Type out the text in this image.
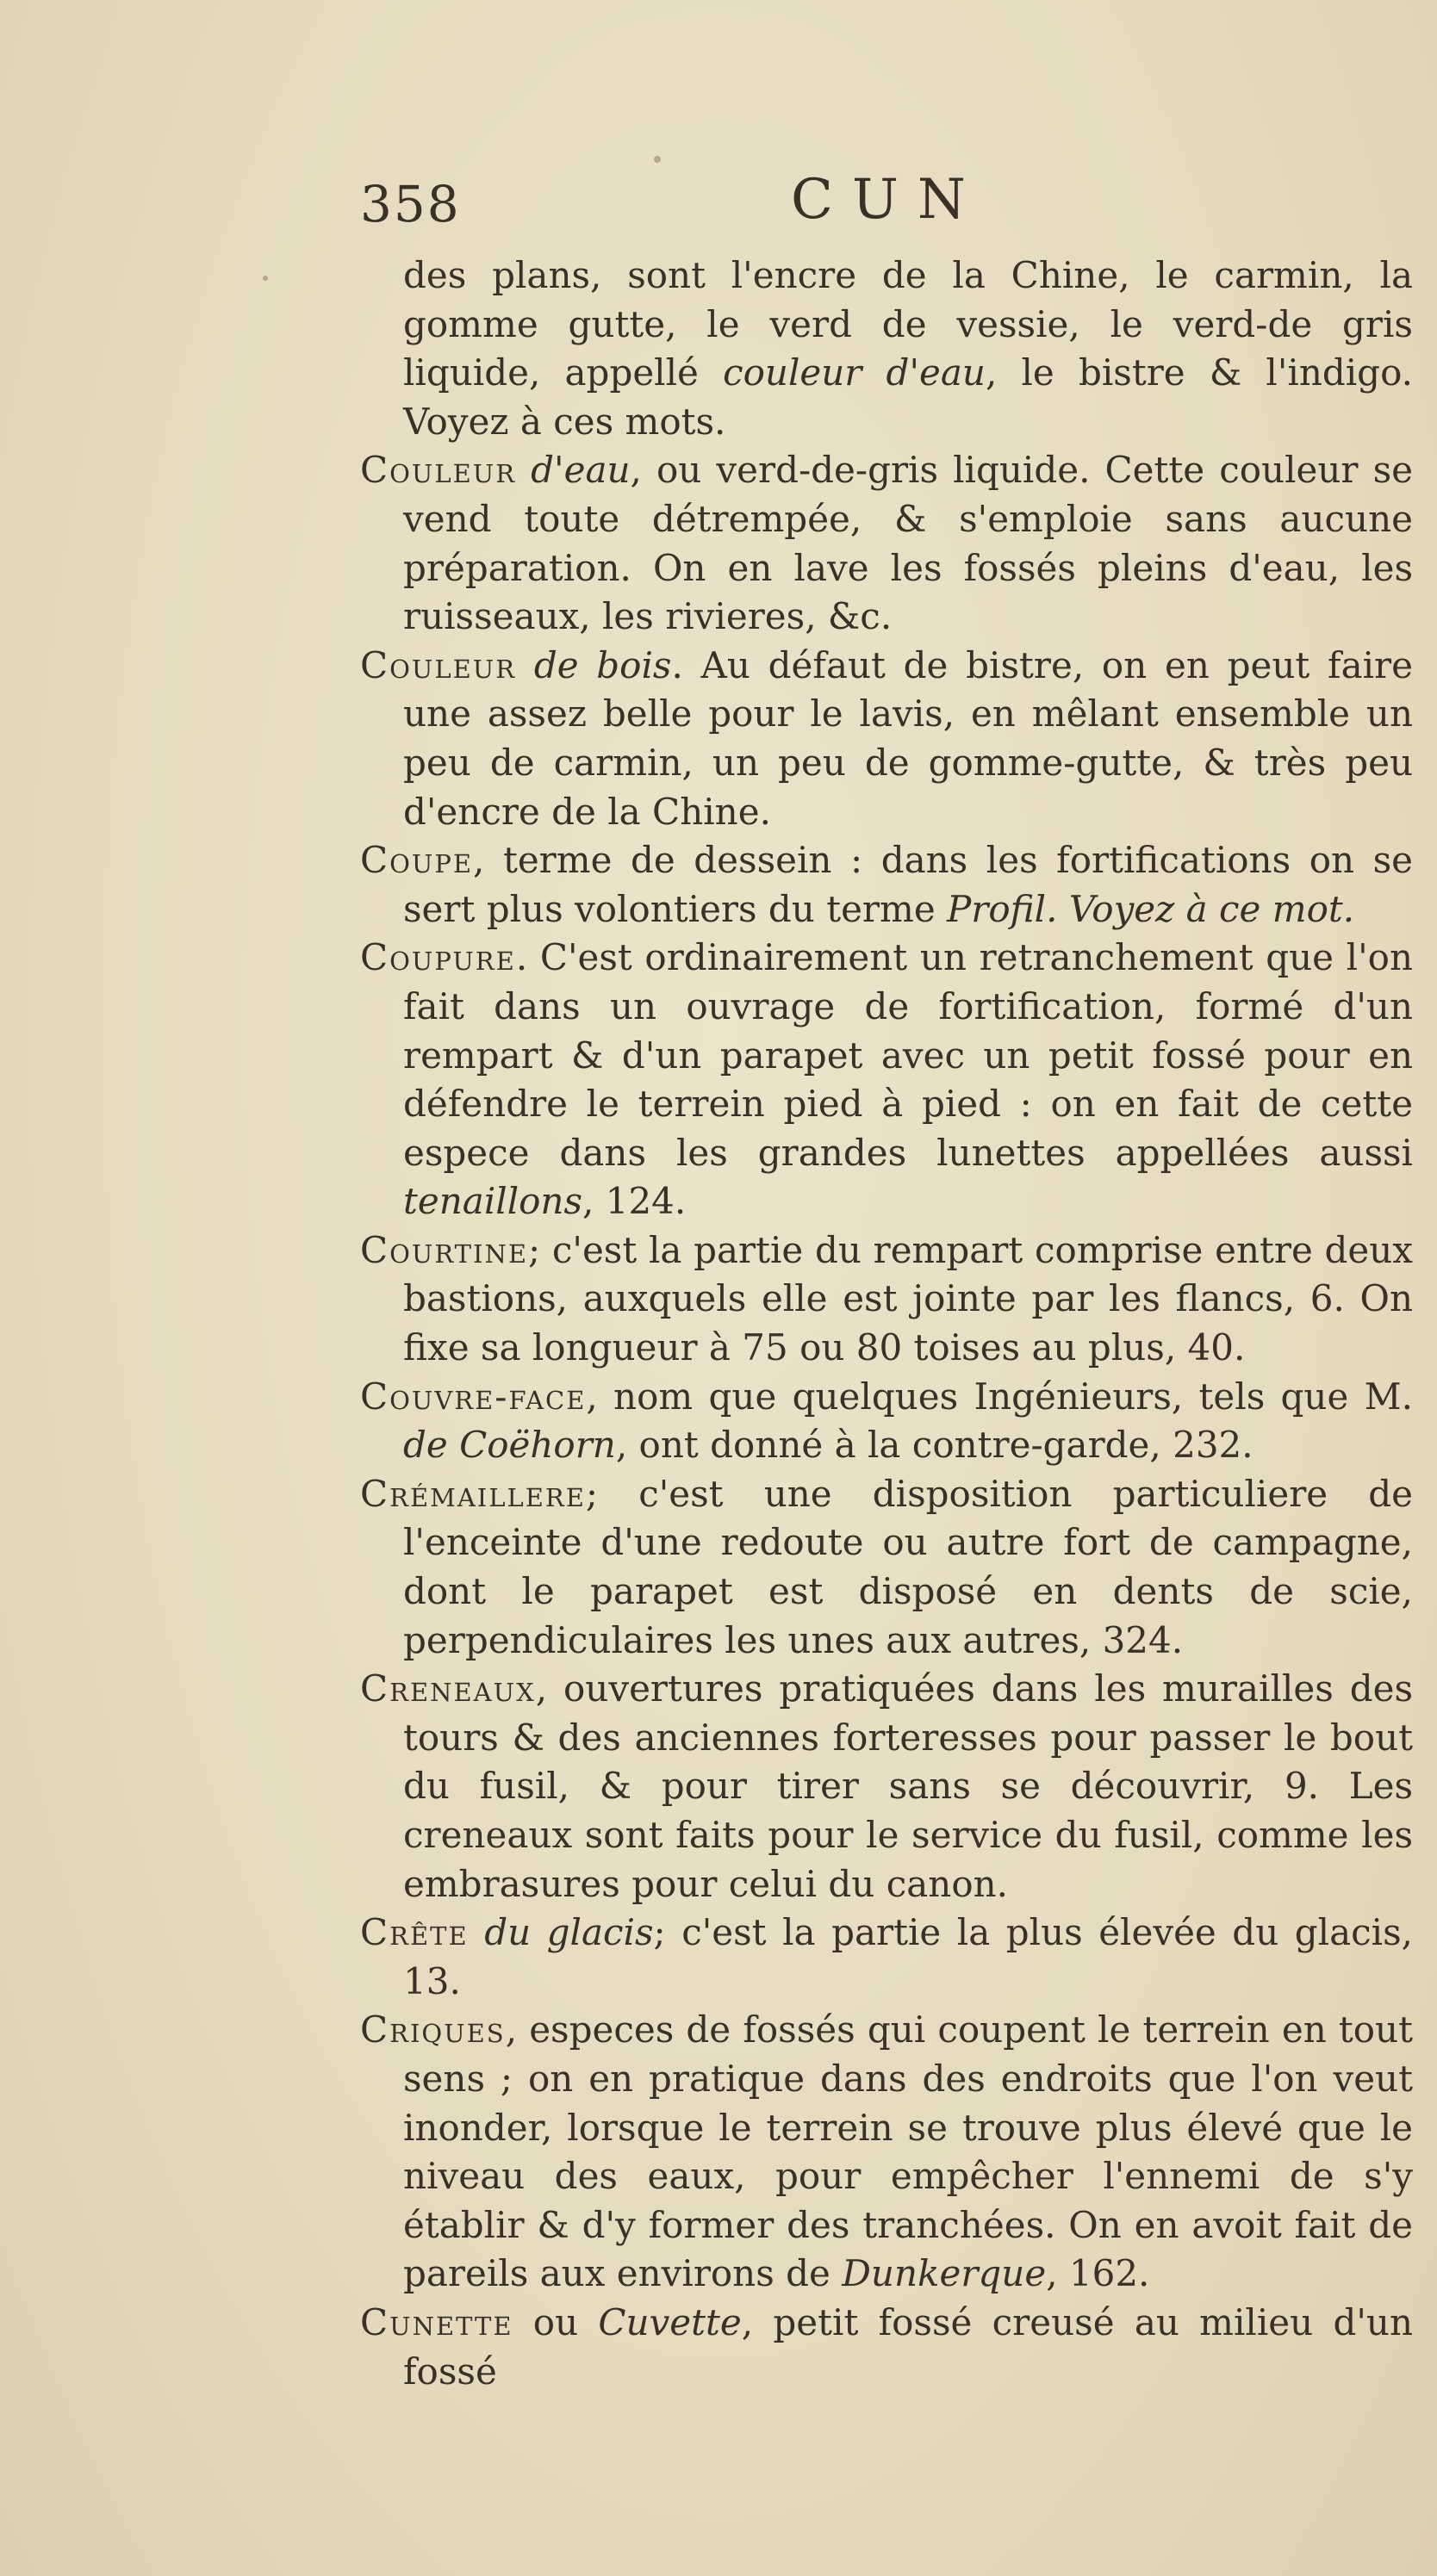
358	CUN

des plans, sont l'encre de la Chine, le carmin, la gomme gutte, le verd de vessie, le verd-de gris liquide, appellé couleur d'eau, le bistre & l'indigo. Voyez à ces mots.

Couleur d'eau, ou verd-de-gris liquide. Cette couleur se vend toute détrempée, & s'emploie sans aucune préparation. On en lave les fossés pleins d'eau, les ruisseaux, les rivieres, &c.

Couleur de bois. Au défaut de bistre, on en peut faire une assez belle pour le lavis, en mêlant ensemble un peu de carmin, un peu de gomme-gutte, & très peu d'encre de la Chine.

Coupe, terme de dessein : dans les fortifications on se sert plus volontiers du terme Profil. Voyez à ce mot.

Coupure. C'est ordinairement un retranchement que l'on fait dans un ouvrage de fortification, formé d'un rempart & d'un parapet avec un petit fossé pour en défendre le terrein pied à pied : on en fait de cette espece dans les grandes lunettes appellées aussi tenaillons, 124.

Courtine; c'est la partie du rempart comprise entre deux bastions, auxquels elle est jointe par les flancs, 6. On fixe sa longueur à 75 ou 80 toises au plus, 40.

Couvre-face, nom que quelques Ingénieurs, tels que M. de Coëhorn, ont donné à la contre-garde, 232.

Crémaillere; c'est une disposition particuliere de l'enceinte d'une redoute ou autre fort de campagne, dont le parapet est disposé en dents de scie, perpendiculaires les unes aux autres, 324.

Creneaux, ouvertures pratiquées dans les murailles des tours & des anciennes forteresses pour passer le bout du fusil, & pour tirer sans se découvrir, 9. Les creneaux sont faits pour le service du fusil, comme les embrasures pour celui du canon.

Crête du glacis; c'est la partie la plus élevée du glacis, 13.

Criques, especes de fossés qui coupent le terrein en tout sens ; on en pratique dans des endroits que l'on veut inonder, lorsque le terrein se trouve plus élevé que le niveau des eaux, pour empêcher l'ennemi de s'y établir & d'y former des tranchées. On en avoit fait de pareils aux environs de Dunkerque, 162.

Cunette ou Cuvette, petit fossé creusé au milieu d'un fossé
